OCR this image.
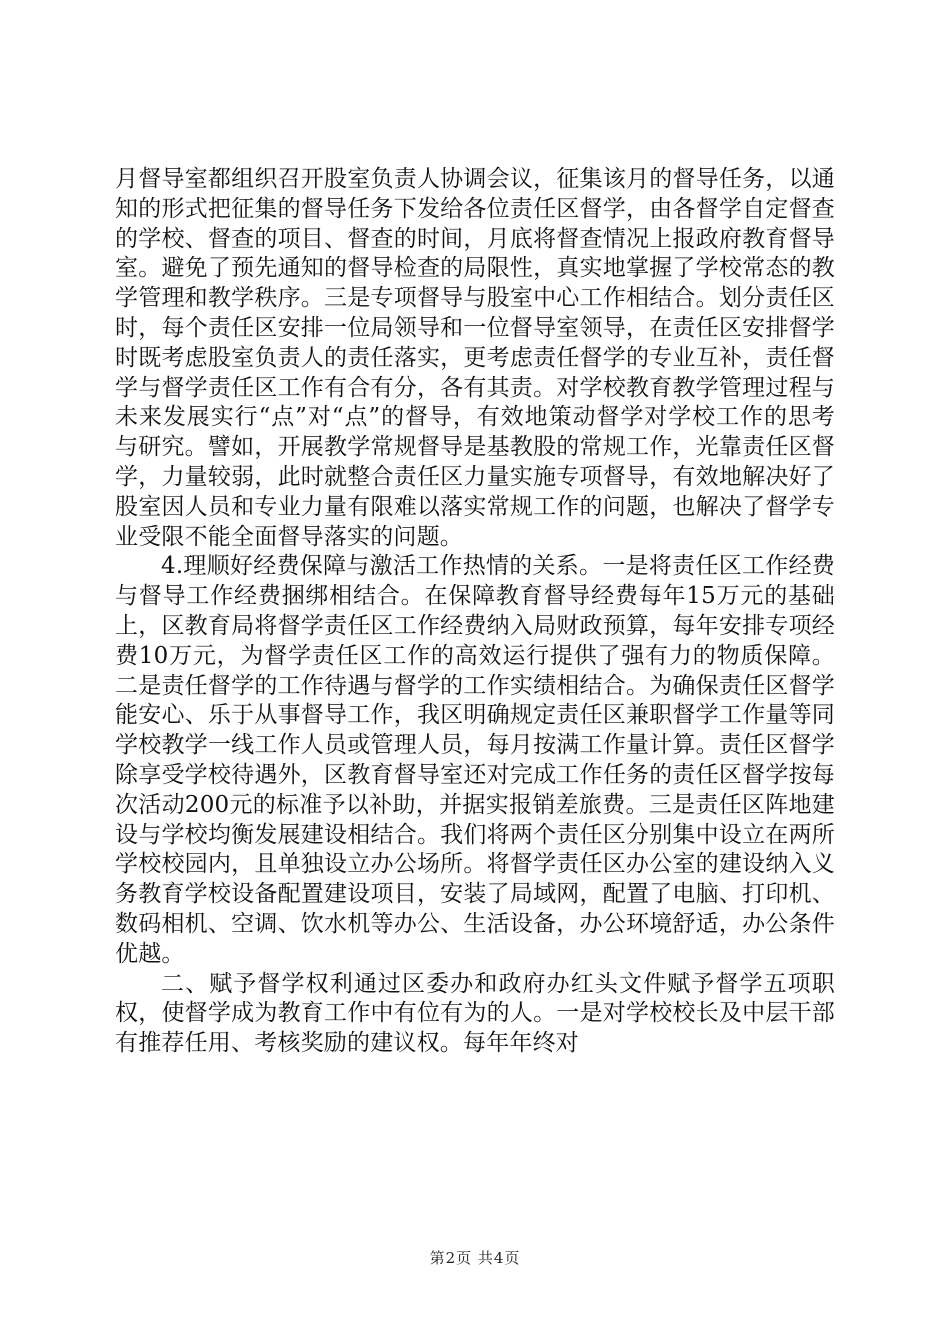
月督导室都组织召开股室负责人协调会议，征集该月的督导任务，以通知的形式把征集的督导任务下发给各位责任区督学，由各督学自定督查的学校、督查的项目、督查的时间，月底将督查情况上报政府教育督导室。避免了预先通知的督导检查的局限性，真实地掌握了学校常态的教学管理和教学秩序。三是专项督导与股室中心工作相结合。划分责任区时，每个责任区安排一位局领导和一位督导室领导，在责任区安排督学时既考虑股室负责人的责任落实，更考虑责任督学的专业互补，责任督学与督学责任区工作有合有分，各有其责。对学校教育教学管理过程与未来发展实行“点”对“点”的督导，有效地策动督学对学校工作的思考与研究。譬如，开展教学常规督导是基教股的常规工作，光靠责任区督学，力量较弱，此时就整合责任区力量实施专项督导，有效地解决好了股室因人员和专业力量有限难以落实常规工作的问题，也解决了督学专业受限不能全面督导落实的问题。

4.理顺好经费保障与激活工作热情的关系。一是将责任区工作经费与督导工作经费捆绑相结合。在保障教育督导经费每年15万元的基础上，区教育局将督学责任区工作经费纳入局财政预算，每年安排专项经费10万元，为督学责任区工作的高效运行提供了强有力的物质保障。二是责任督学的工作待遇与督学的工作实绩相结合。为确保责任区督学能安心、乐于从事督导工作，我区明确规定责任区兼职督学工作量等同学校教学一线工作人员或管理人员，每月按满工作量计算。责任区督学除享受学校待遇外，区教育督导室还对完成工作任务的责任区督学按每次活动200元的标准予以补助，并据实报销差旅费。三是责任区阵地建设与学校均衡发展建设相结合。我们将两个责任区分别集中设立在两所学校校园内，且单独设立办公场所。将督学责任区办公室的建设纳入义务教育学校设备配置建设项目，安装了局域网，配置了电脑、打印机、数码相机、空调、饮水机等办公、生活设备，办公环境舒适，办公条件优越。

二、赋予督学权利通过区委办和政府办红头文件赋予督学五项职权，使督学成为教育工作中有位有为的人。一是对学校校长及中层干部有推荐任用、考核奖励的建议权。每年年终对

第2页 共4页
